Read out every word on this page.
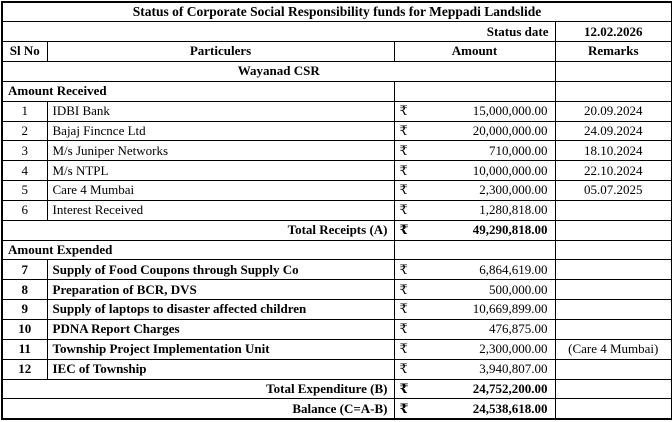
Status of Corporate Social Responsibility funds for Meppadi Landslide			
Status date			12.02.2026
Sl No	Particulers	Amount	Remarks
Wayanad CSR			
Amount Received			
1	IDBI Bank	₹ 15,000,000.00	20.09.2024
2	Bajaj Fincnce Ltd	₹ 20,000,000.00	24.09.2024
3	M/s Juniper Networks	₹ 710,000.00	18.10.2024
4	M/s NTPL	₹ 10,000,000.00	22.10.2024
5	Care 4 Mumbai	₹ 2,300,000.00	05.07.2025
6	Interest Received	₹ 1,280,818.00	

Total Receipts (A)		₹ 49,290,818.00	

Amount Expended			
7	Supply of Food Coupons through Supply Co	₹ 6,864,619.00	

8	Preparation of BCR, DVS	₹ 500,000.00	

9	Supply of laptops to disaster affected children	₹ 10,669,899.00	

10	PDNA Report Charges	₹ 476,875.00	

11	Township Project Implementation Unit	₹ 2,300,000.00	(Care 4 Mumbai)
12	IEC of Township	₹ 3,940,807.00	

Total Expenditure (B)		₹ 24,752,200.00	

Balance (C=A-B)		₹ 24,538,618.00	
